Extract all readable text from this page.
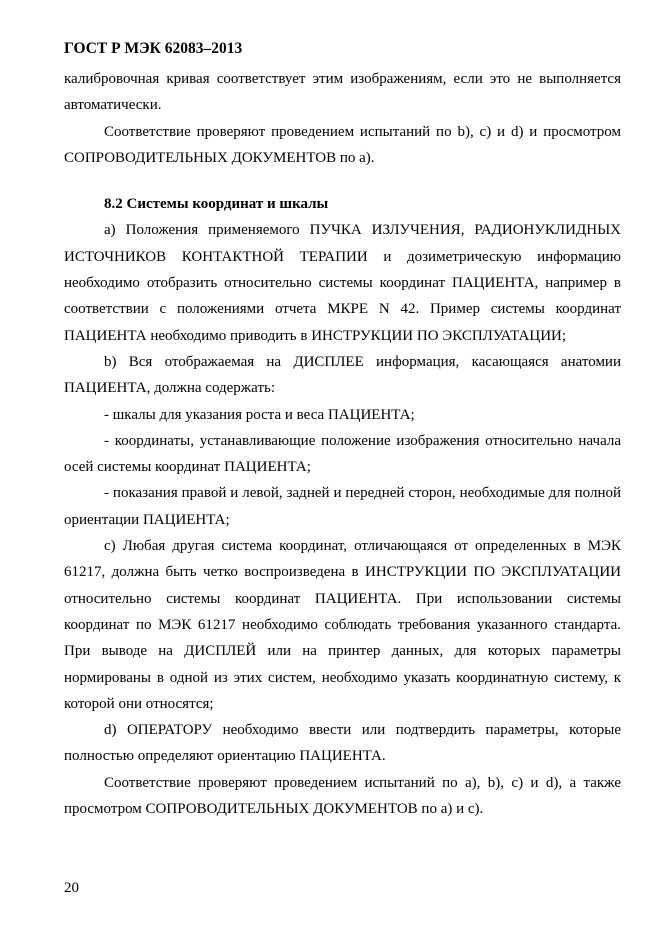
ГОСТ Р МЭК 62083–2013

калибровочная кривая соответствует этим изображениям, если это не выполняется автоматически.

Соответствие проверяют проведением испытаний по b), c) и d) и просмотром СОПРОВОДИТЕЛЬНЫХ ДОКУМЕНТОВ по a).

8.2 Системы координат и шкалы

a) Положения применяемого ПУЧКА ИЗЛУЧЕНИЯ, РАДИОНУКЛИДНЫХ ИСТОЧНИКОВ КОНТАКТНОЙ ТЕРАПИИ и дозиметрическую информацию необходимо отобразить относительно системы координат ПАЦИЕНТА, например в соответствии с положениями отчета МКРЕ N 42. Пример системы координат ПАЦИЕНТА необходимо приводить в ИНСТРУКЦИИ ПО ЭКСПЛУАТАЦИИ;

b) Вся отображаемая на ДИСПЛЕЕ информация, касающаяся анатомии ПАЦИЕНТА, должна содержать:

- шкалы для указания роста и веса ПАЦИЕНТА;

- координаты, устанавливающие положение изображения относительно начала осей системы координат ПАЦИЕНТА;

- показания правой и левой, задней и передней сторон, необходимые для полной ориентации ПАЦИЕНТА;

c) Любая другая система координат, отличающаяся от определенных в МЭК 61217, должна быть четко воспроизведена в ИНСТРУКЦИИ ПО ЭКСПЛУАТАЦИИ относительно системы координат ПАЦИЕНТА. При использовании системы координат по МЭК 61217 необходимо соблюдать требования указанного стандарта. При выводе на ДИСПЛЕЙ или на принтер данных, для которых параметры нормированы в одной из этих систем, необходимо указать координатную систему, к которой они относятся;

d) ОПЕРАТОРУ необходимо ввести или подтвердить параметры, которые полностью определяют ориентацию ПАЦИЕНТА.

Соответствие проверяют проведением испытаний по a), b), c) и d), а также просмотром СОПРОВОДИТЕЛЬНЫХ ДОКУМЕНТОВ по a) и c).

20
